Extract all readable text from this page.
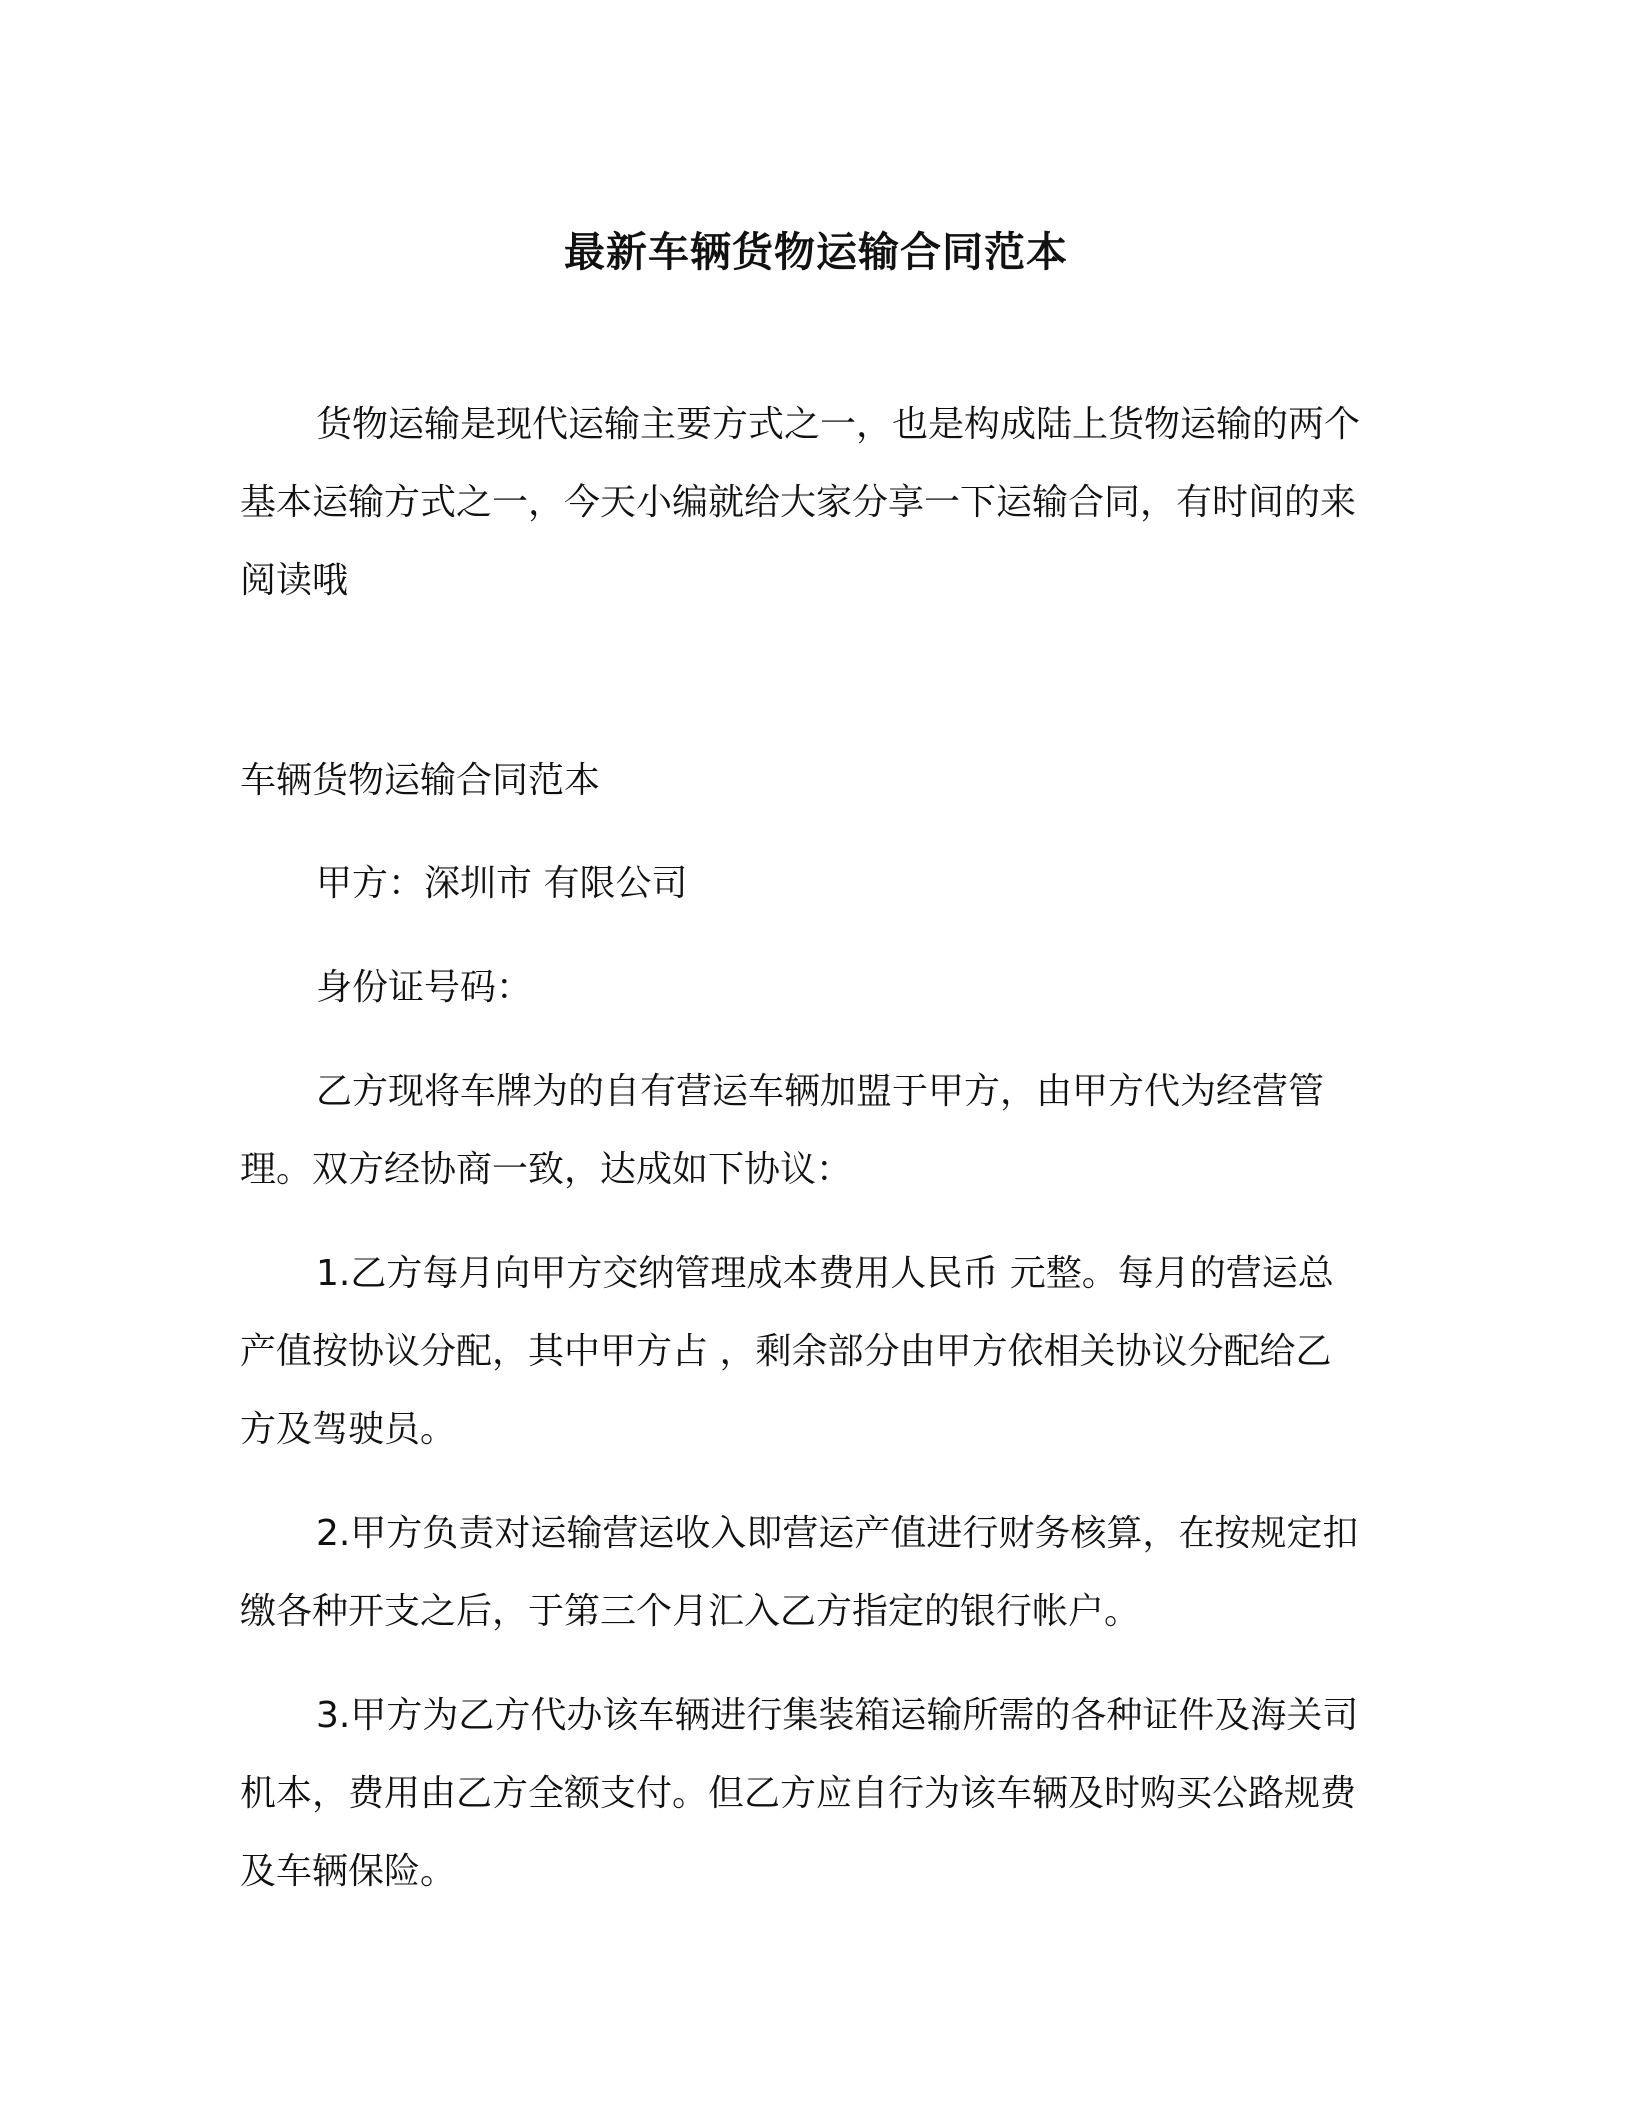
最新车辆货物运输合同范本

货物运输是现代运输主要方式之一，也是构成陆上货物运输的两个基本运输方式之一，今天小编就给大家分享一下运输合同，有时间的来阅读哦

车辆货物运输合同范本

甲方：深圳市 有限公司

身份证号码：

乙方现将车牌为的自有营运车辆加盟于甲方，由甲方代为经营管理。双方经协商一致，达成如下协议：

1.乙方每月向甲方交纳管理成本费用人民币 元整。每月的营运总产值按协议分配，其中甲方占 ，剩余部分由甲方依相关协议分配给乙方及驾驶员。

2.甲方负责对运输营运收入即营运产值进行财务核算，在按规定扣缴各种开支之后，于第三个月汇入乙方指定的银行帐户。

3.甲方为乙方代办该车辆进行集装箱运输所需的各种证件及海关司机本，费用由乙方全额支付。但乙方应自行为该车辆及时购买公路规费及车辆保险。
